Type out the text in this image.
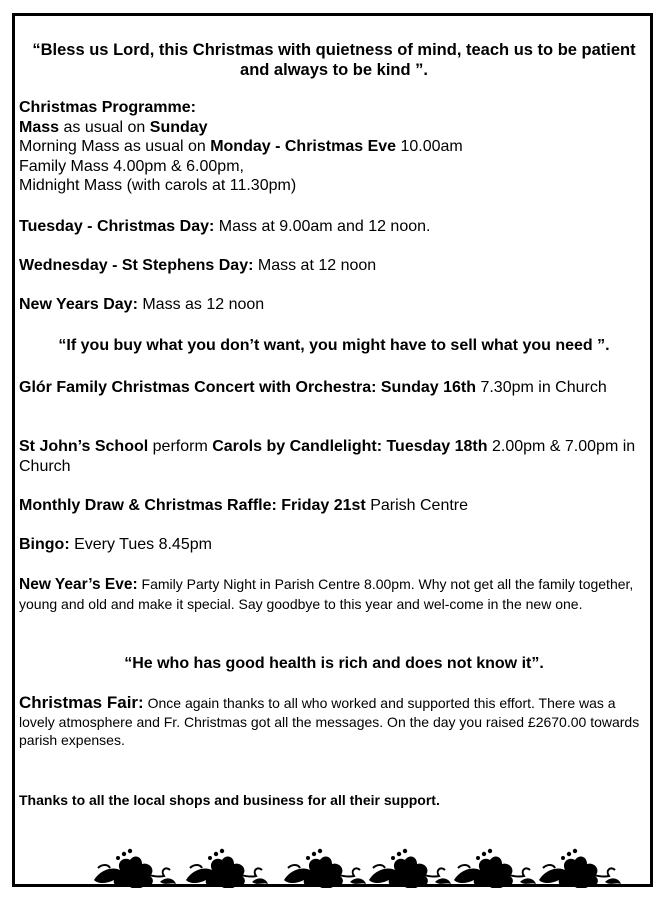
“Bless us Lord, this Christmas with quietness of mind, teach us to be patient and always to be kind ”.
Christmas Programme:
Mass as usual on Sunday
Morning Mass as usual on Monday - Christmas Eve 10.00am
Family Mass 4.00pm & 6.00pm,
Midnight Mass (with carols at 11.30pm)
Tuesday - Christmas Day: Mass at 9.00am and 12 noon.
Wednesday - St Stephens Day: Mass at 12 noon
New Years Day: Mass as 12 noon
“If you buy what you don’t want, you might have to sell what you need ”.
Glór Family Christmas Concert with Orchestra: Sunday 16th 7.30pm in Church
St John’s School perform Carols by Candlelight: Tuesday 18th 2.00pm & 7.00pm in Church
Monthly Draw & Christmas Raffle: Friday 21st Parish Centre
Bingo: Every Tues 8.45pm
New Year’s Eve: Family Party Night in Parish Centre 8.00pm. Why not get all the family together, young and old and make it special. Say goodbye to this year and wel-come in the new one.
“He who has good health is rich and does not know it”.
Christmas Fair: Once again thanks to all who worked and supported this effort. There was a lovely atmosphere and Fr. Christmas got all the messages. On the day you raised £2670.00 towards parish expenses.
Thanks to all the local shops and business for all their support.
